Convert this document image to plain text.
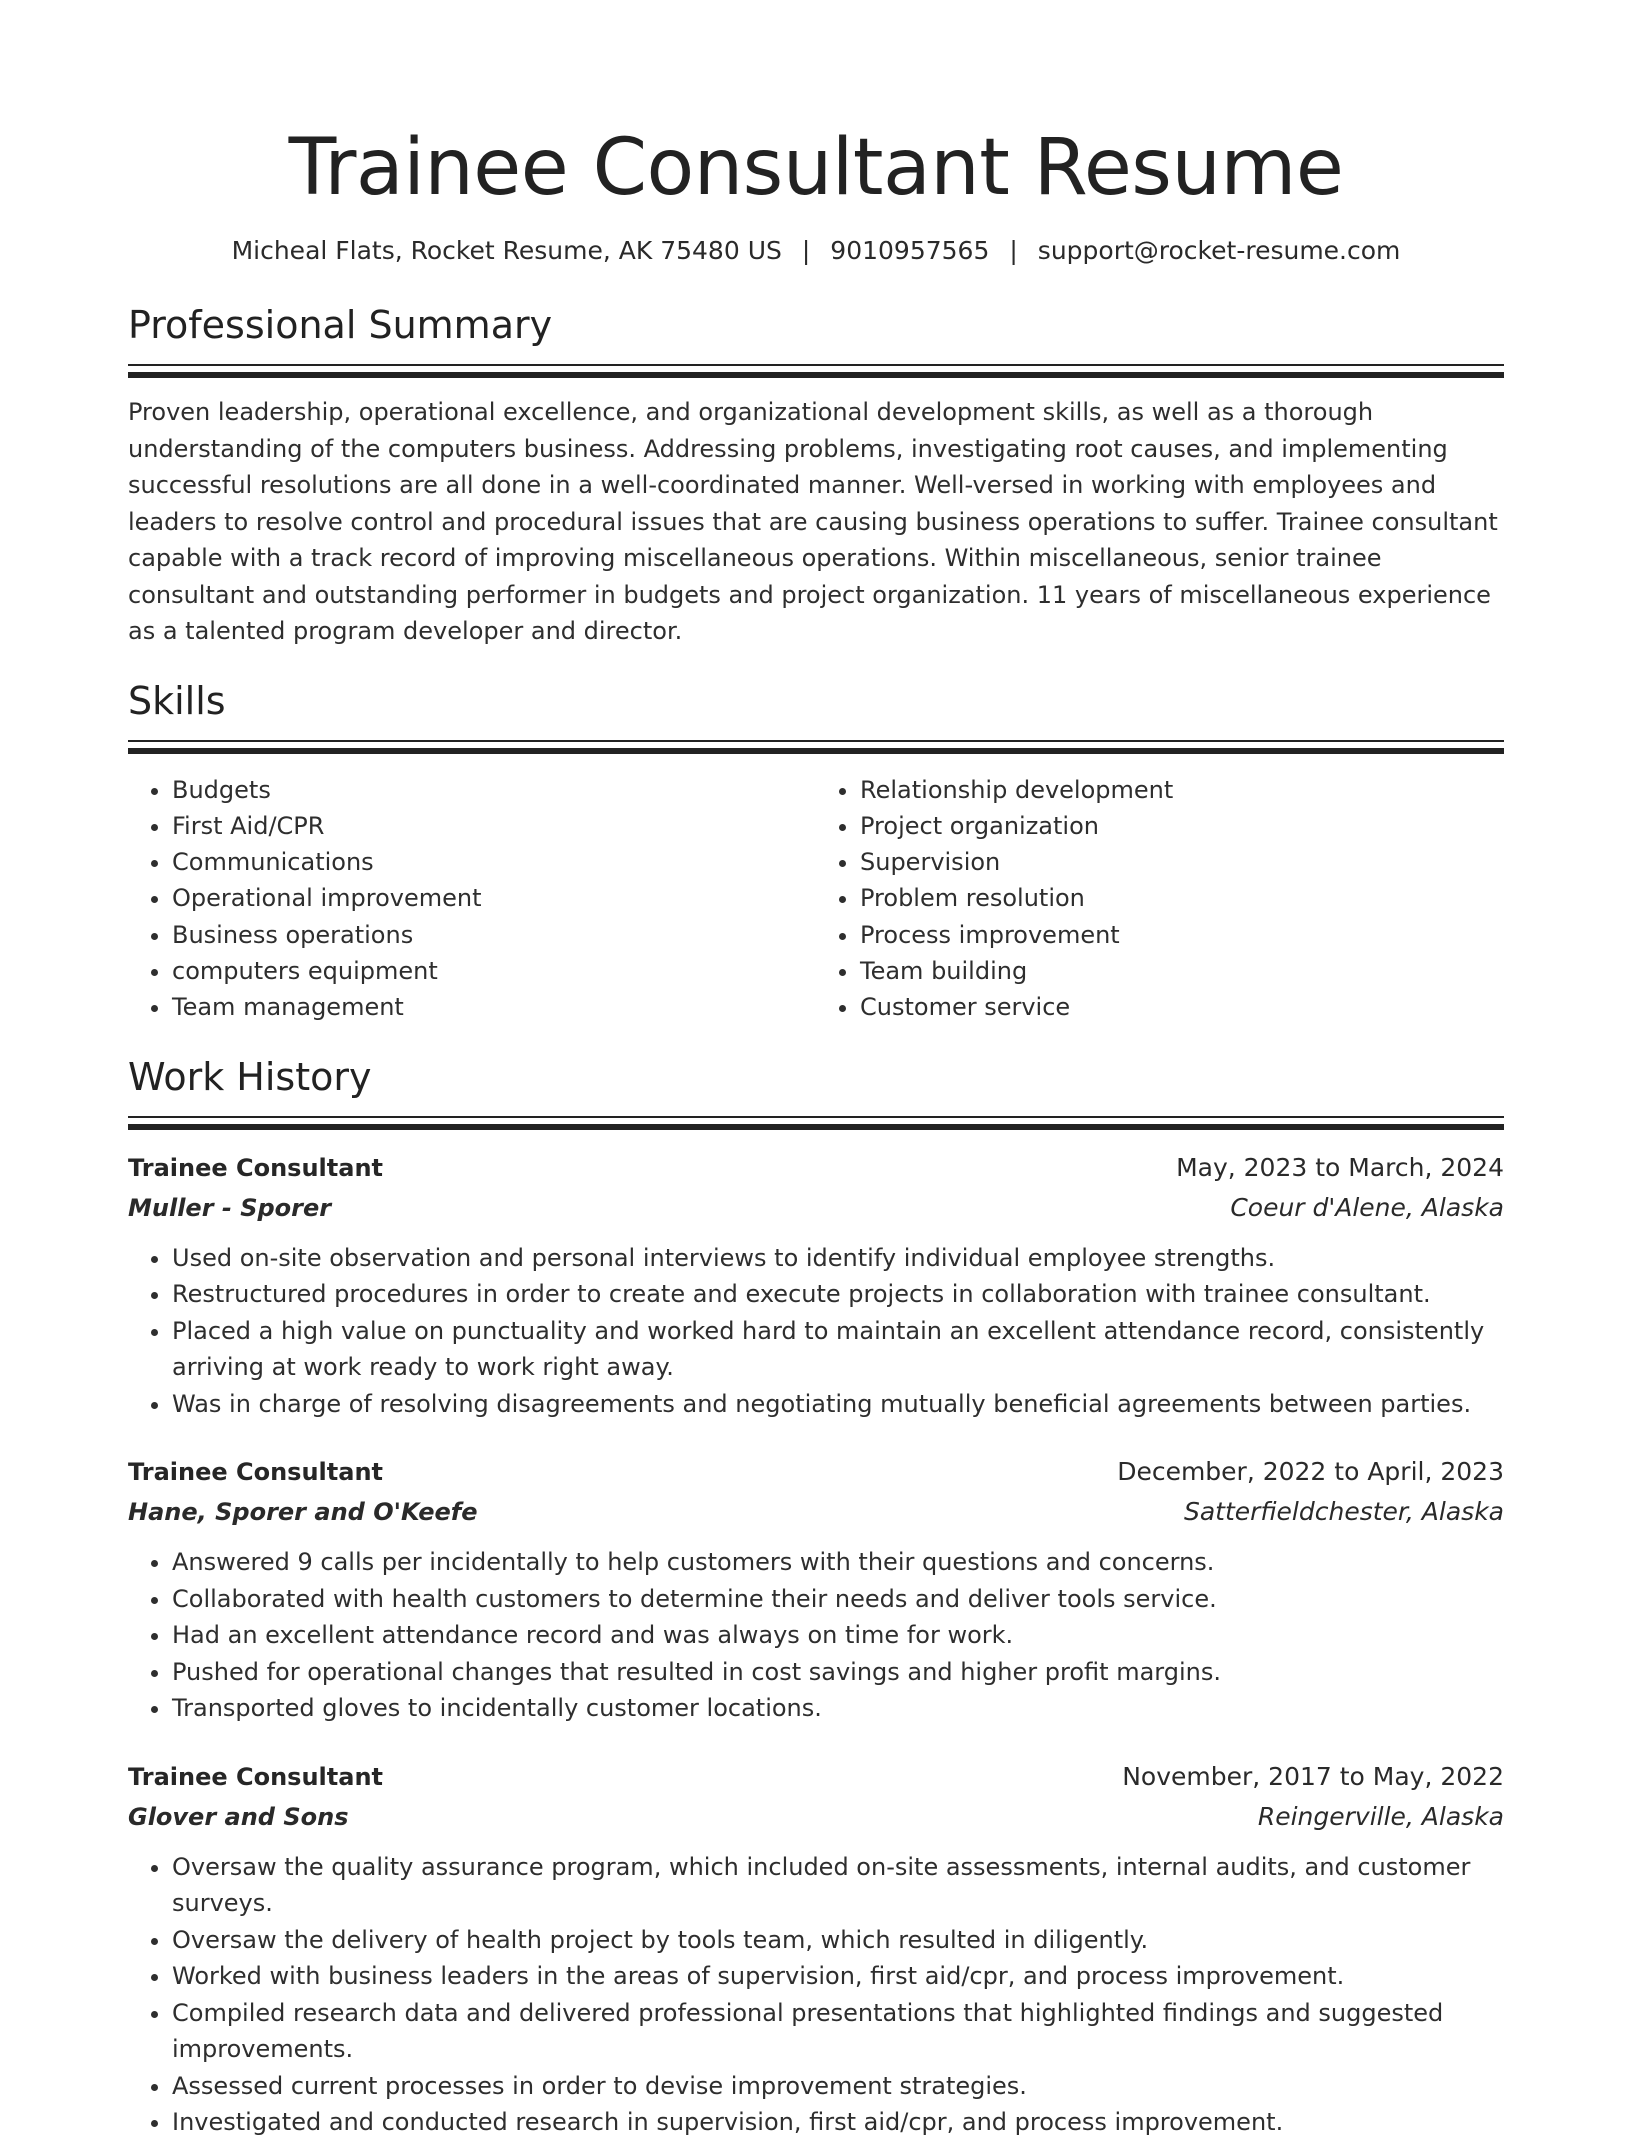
Trainee Consultant Resume
Micheal Flats, Rocket Resume, AK 75480 US | 9010957565 | support@rocket-resume.com
Professional Summary

Proven leadership, operational excellence, and organizational development skills, as well as a thorough understanding of the computers business. Addressing problems, investigating root causes, and implementing successful resolutions are all done in a well-coordinated manner. Well-versed in working with employees and leaders to resolve control and procedural issues that are causing business operations to suffer. Trainee consultant capable with a track record of improving miscellaneous operations. Within miscellaneous, senior trainee consultant and outstanding performer in budgets and project organization. 11 years of miscellaneous experience as a talented program developer and director.

Skills
• Budgets
• First Aid/CPR
• Communications
• Operational improvement
• Business operations
• computers equipment
• Team management
• Relationship development
• Project organization
• Supervision
• Problem resolution
• Process improvement
• Team building
• Customer service
Work History
Trainee Consultant	May, 2023 to March, 2024
Muller - Sporer	Coeur d'Alene, Alaska
• Used on-site observation and personal interviews to identify individual employee strengths.
• Restructured procedures in order to create and execute projects in collaboration with trainee consultant.
• Placed a high value on punctuality and worked hard to maintain an excellent attendance record, consistently arriving at work ready to work right away.
• Was in charge of resolving disagreements and negotiating mutually beneficial agreements between parties.
Trainee Consultant	December, 2022 to April, 2023
Hane, Sporer and O'Keefe	Satterfieldchester, Alaska
• Answered 9 calls per incidentally to help customers with their questions and concerns.
• Collaborated with health customers to determine their needs and deliver tools service.
• Had an excellent attendance record and was always on time for work.
• Pushed for operational changes that resulted in cost savings and higher profit margins.
• Transported gloves to incidentally customer locations.
Trainee Consultant	November, 2017 to May, 2022
Glover and Sons	Reingerville, Alaska
• Oversaw the quality assurance program, which included on-site assessments, internal audits, and customer surveys.
• Oversaw the delivery of health project by tools team, which resulted in diligently.
• Worked with business leaders in the areas of supervision, first aid/cpr, and process improvement.
• Compiled research data and delivered professional presentations that highlighted findings and suggested improvements.
• Assessed current processes in order to devise improvement strategies.
• Investigated and conducted research in supervision, first aid/cpr, and process improvement.
